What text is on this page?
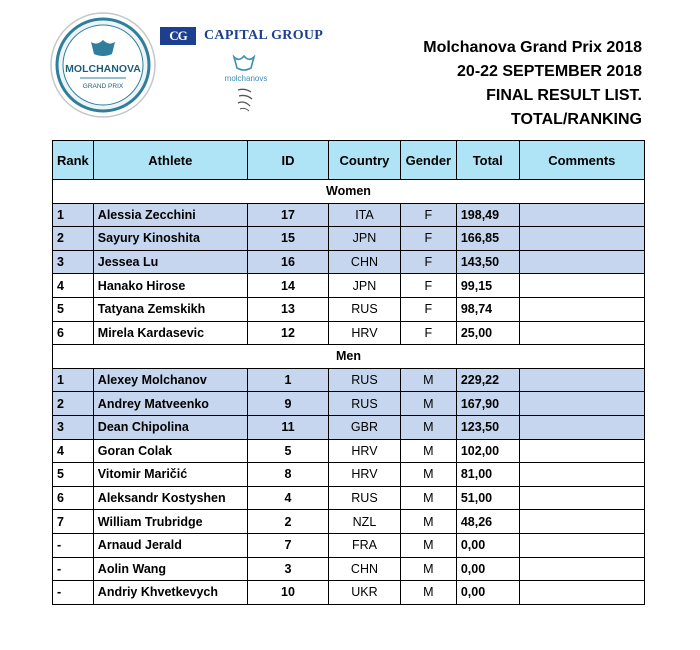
MOLCHANOVA
GRAND PRIX
CG	CAPITAL GROUP
molchanovs
Molchanova Grand Prix 2018
20-22 SEPTEMBER 2018
FINAL RESULT LIST.
TOTAL/RANKING
Rank	Athlete	ID	Country	Gender	Total	Comments
Women						
1	Alessia Zecchini	17	ITA	F	198,49	
2	Sayury Kinoshita	15	JPN	F	166,85	
3	Jessea Lu	16	CHN	F	143,50	
4	Hanako Hirose	14	JPN	F	99,15	
5	Tatyana Zemskikh	13	RUS	F	98,74	
6	Mirela Kardasevic	12	HRV	F	25,00	
Men						
1	Alexey Molchanov	1	RUS	M	229,22	
2	Andrey Matveenko	9	RUS	M	167,90	
3	Dean Chipolina	11	GBR	M	123,50	
4	Goran Colak	5	HRV	M	102,00	
5	Vitomir Maričić	8	HRV	M	81,00	
6	Aleksandr Kostyshen	4	RUS	M	51,00	
7	William Trubridge	2	NZL	M	48,26	
-	Arnaud Jerald	7	FRA	M	0,00	
-	Aolin Wang	3	CHN	M	0,00	
-	Andriy Khvetkevych	10	UKR	M	0,00	
